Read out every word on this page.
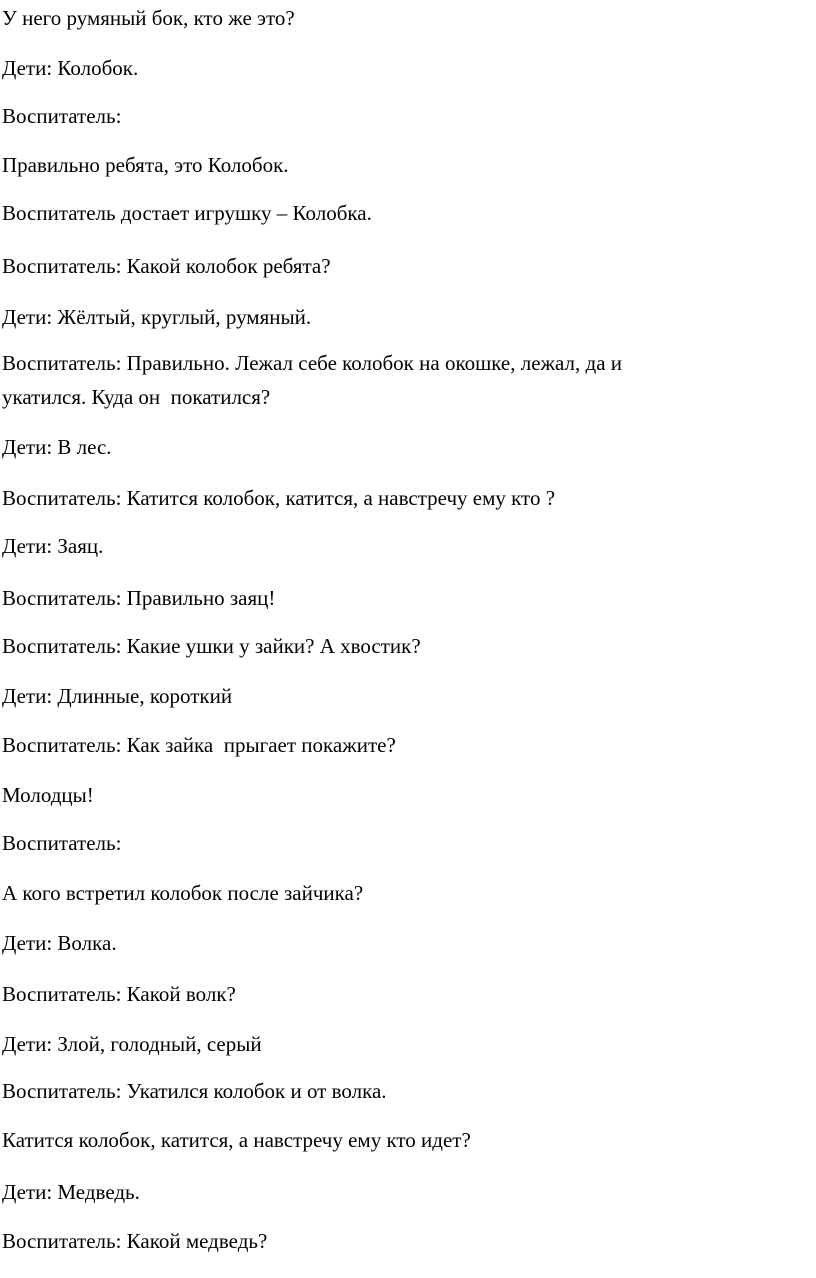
У него румяный бок, кто же это?

Дети: Колобок.

Воспитатель:

Правильно ребята, это Колобок.

Воспитатель достает игрушку – Колобка.

Воспитатель: Какой колобок ребята?

Дети: Жёлтый, круглый, румяный.

Воспитатель: Правильно. Лежал себе колобок на окошке, лежал, да и

укатился. Куда он  покатился?

Дети: В лес.

Воспитатель: Катится колобок, катится, а навстречу ему кто ?

Дети: Заяц.

Воспитатель: Правильно заяц!

Воспитатель: Какие ушки у зайки? А хвостик?

Дети: Длинные, короткий

Воспитатель: Как зайка  прыгает покажите?

Молодцы!

Воспитатель:

А кого встретил колобок после зайчика?

Дети: Волка.

Воспитатель: Какой волк?

Дети: Злой, голодный, серый

Воспитатель: Укатился колобок и от волка.

Катится колобок, катится, а навстречу ему кто идет?

Дети: Медведь.

Воспитатель: Какой медведь?
